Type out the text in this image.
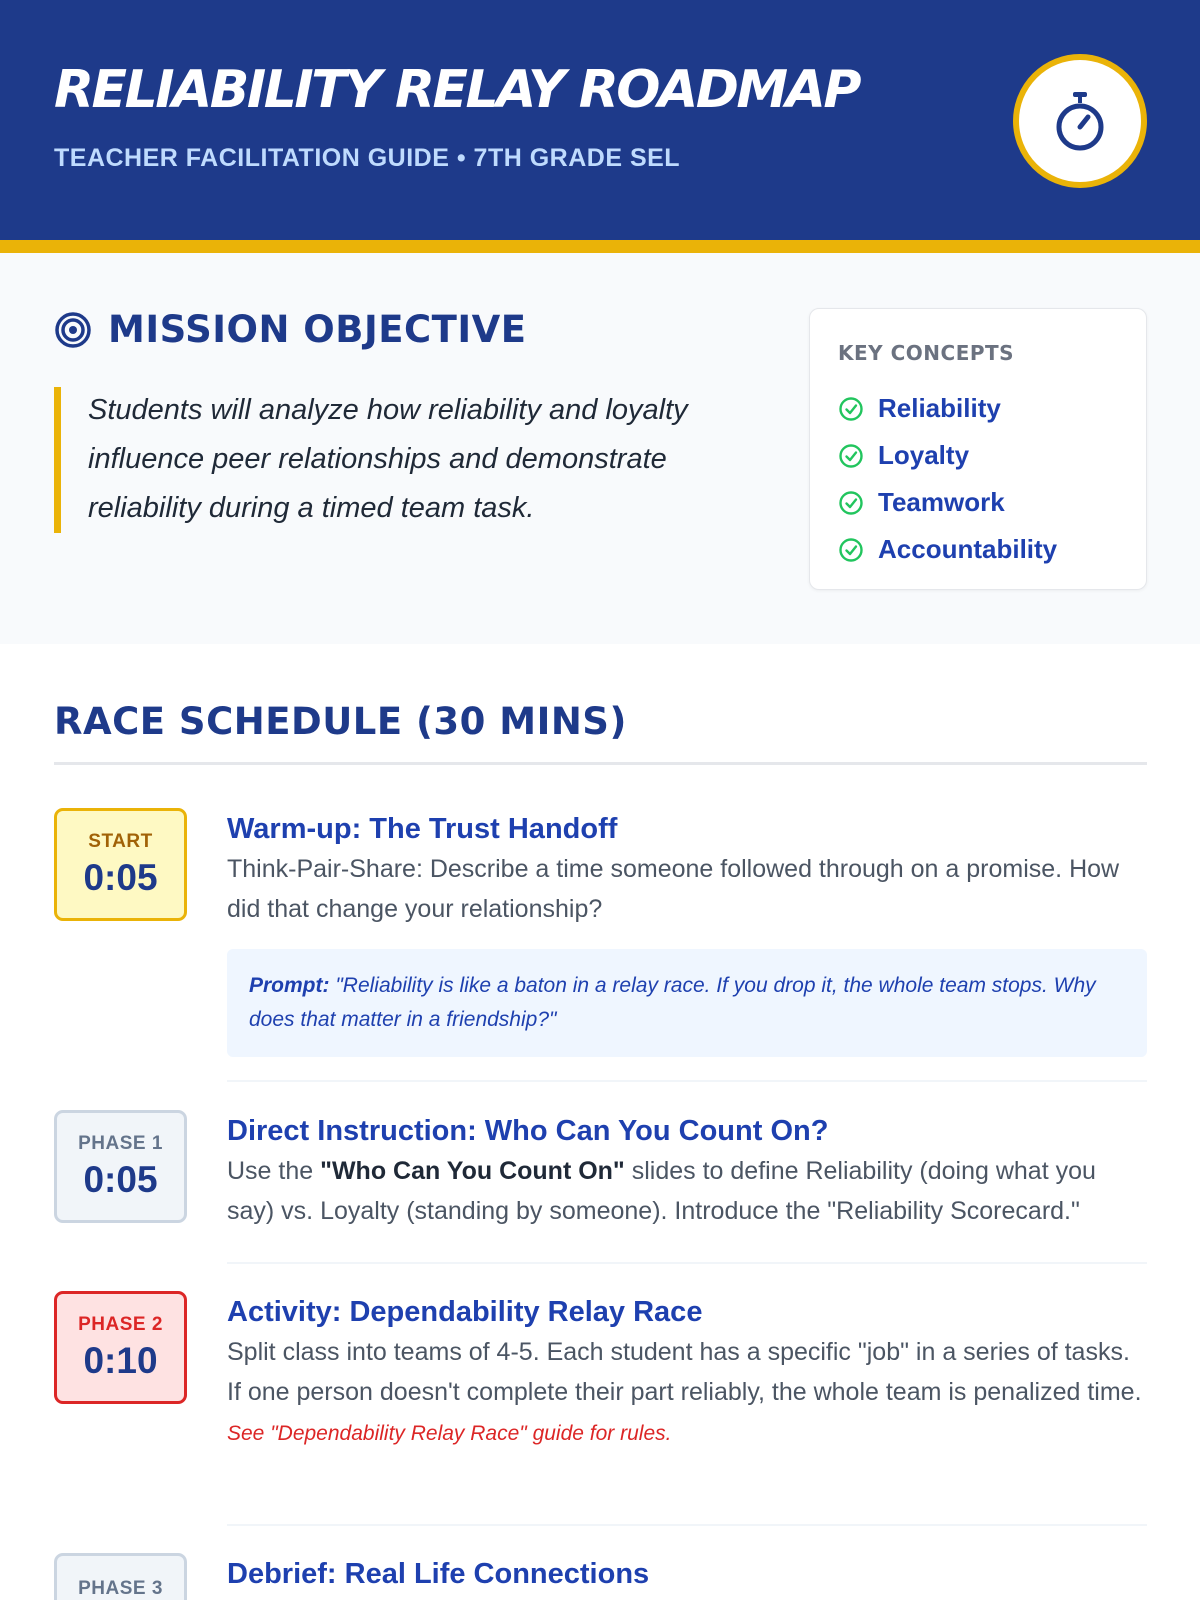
RELIABILITY RELAY ROADMAP
TEACHER FACILITATION GUIDE • 7TH GRADE SEL
MISSION OBJECTIVE

Students will analyze how reliability and loyalty influence peer relationships and demonstrate reliability during a timed team task.

KEY CONCEPTS
Reliability
Loyalty
Teamwork
Accountability
RACE SCHEDULE (30 MINS)
START
0:05
Warm-up: The Trust Handoff

Think-Pair-Share: Describe a time someone followed through on a promise. How did that change your relationship?

Prompt: "Reliability is like a baton in a relay race. If you drop it, the whole team stops. Why does that matter in a friendship?"
PHASE 1
0:05
Direct Instruction: Who Can You Count On?

Use the "Who Can You Count On" slides to define Reliability (doing what you say) vs. Loyalty (standing by someone). Introduce the "Reliability Scorecard."

PHASE 2
0:10
Activity: Dependability Relay Race

Split class into teams of 4-5. Each student has a specific "job" in a series of tasks. If one person doesn't complete their part reliably, the whole team is penalized time.

See "Dependability Relay Race" guide for rules.

PHASE 3 Debrief: Real Life Connections
